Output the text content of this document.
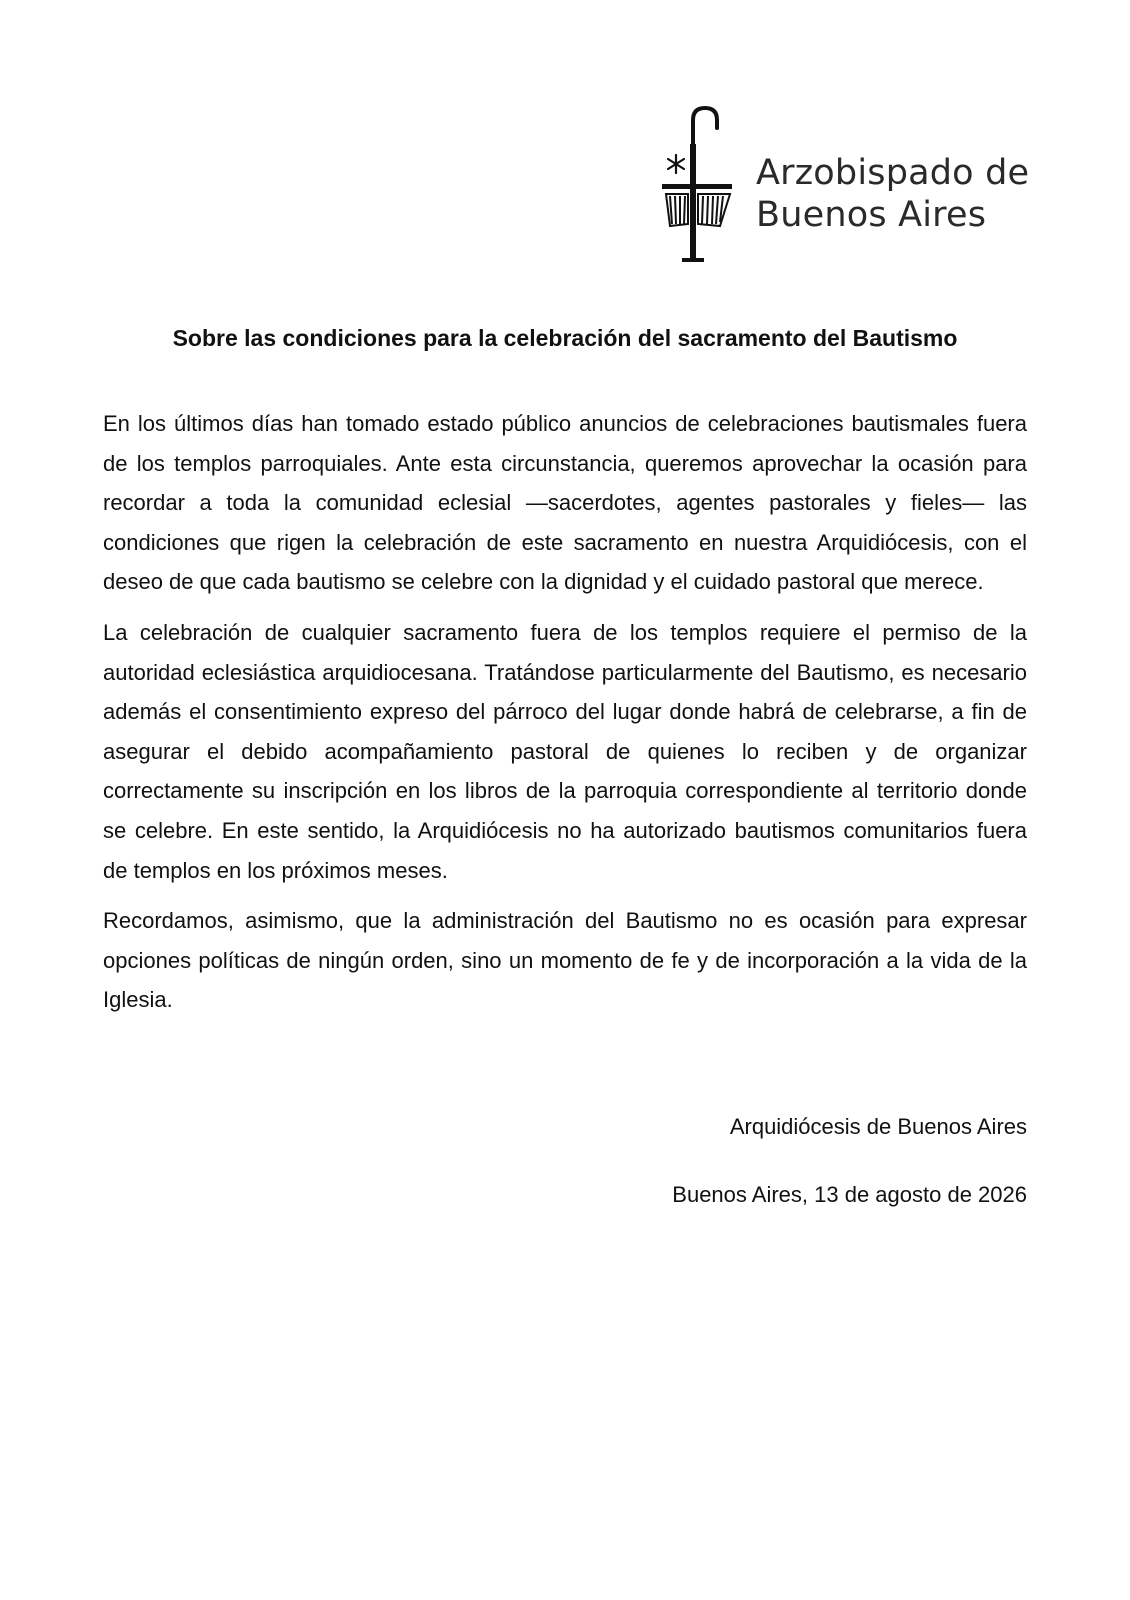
Arzobispado de
Buenos Aires
Sobre las condiciones para la celebración del sacramento del Bautismo

En los últimos días han tomado estado público anuncios de celebraciones bautismales fuera de los templos parroquiales. Ante esta circunstancia, queremos aprovechar la ocasión para recordar a toda la comunidad eclesial —sacerdotes, agentes pastorales y fieles— las condiciones que rigen la celebración de este sacramento en nuestra Arquidiócesis, con el deseo de que cada bautismo se celebre con la dignidad y el cuidado pastoral que merece.

La celebración de cualquier sacramento fuera de los templos requiere el permiso de la autoridad eclesiástica arquidiocesana. Tratándose particularmente del Bautismo, es necesario además el consentimiento expreso del párroco del lugar donde habrá de celebrarse, a fin de asegurar el debido acompañamiento pastoral de quienes lo reciben y de organizar correctamente su inscripción en los libros de la parroquia correspondiente al territorio donde se celebre. En este sentido, la Arquidiócesis no ha autorizado bautismos comunitarios fuera de templos en los próximos meses.

Recordamos, asimismo, que la administración del Bautismo no es ocasión para expresar opciones políticas de ningún orden, sino un momento de fe y de incorporación a la vida de la Iglesia.

Arquidiócesis de Buenos Aires
Buenos Aires, 13 de agosto de 2026
